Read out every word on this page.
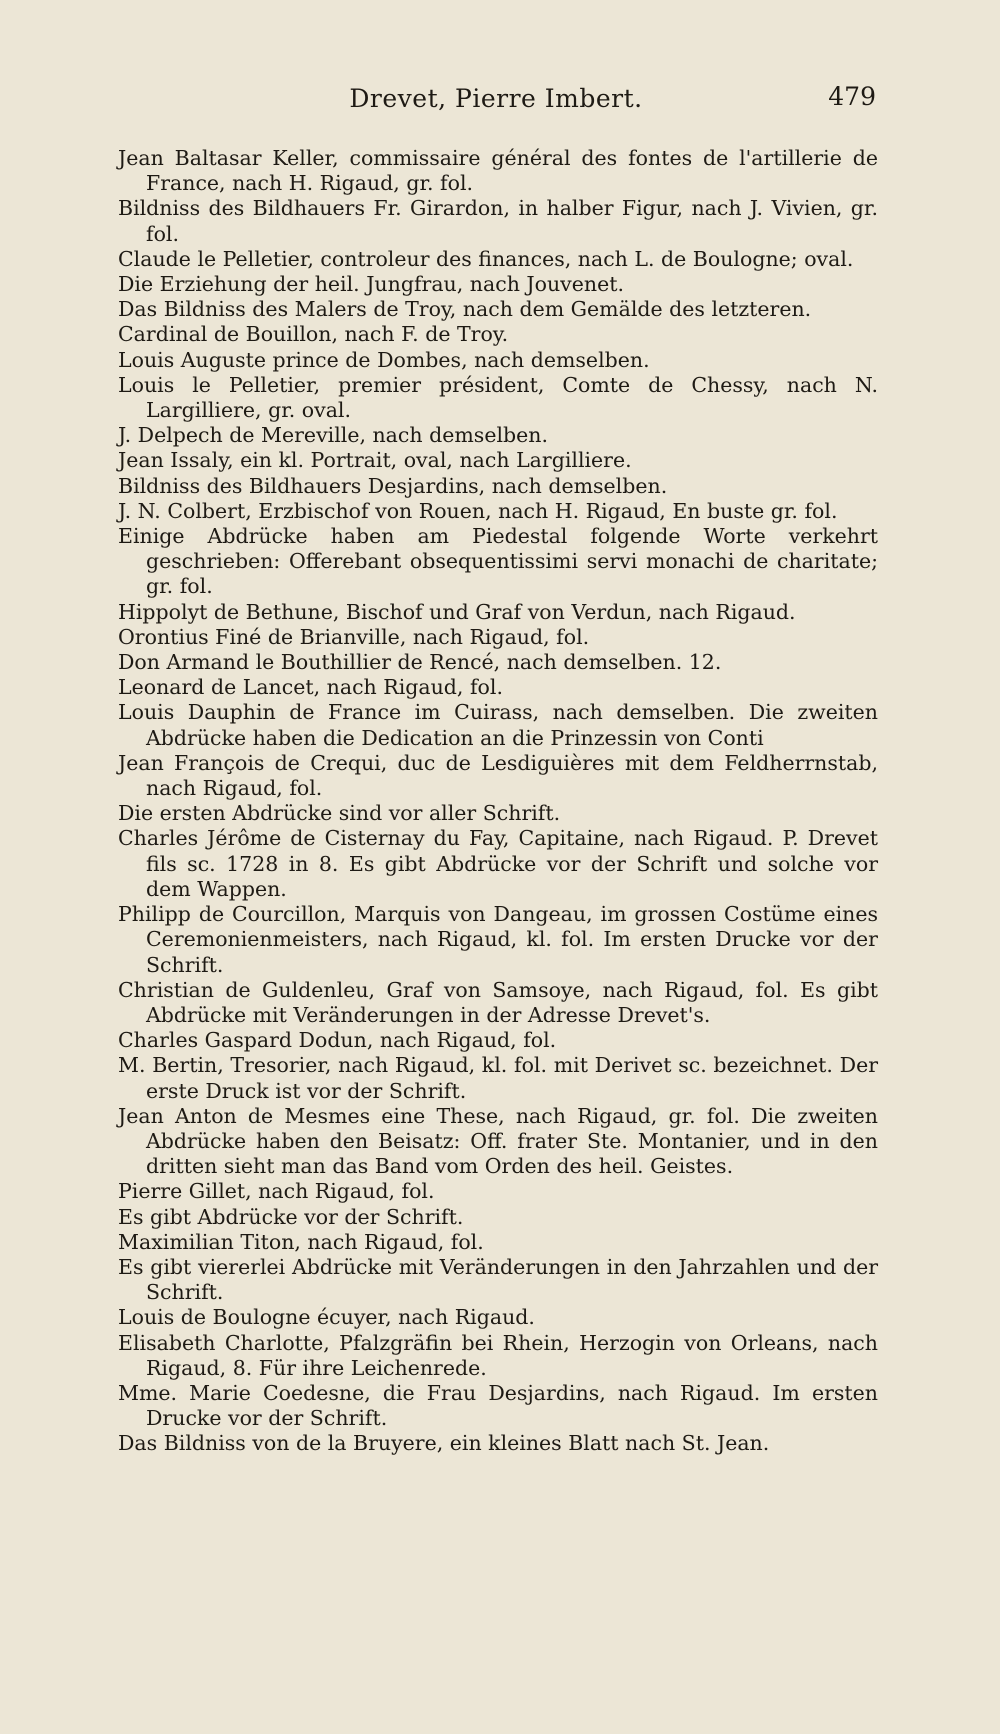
Drevet, Pierre Imbert.	479
Jean Baltasar Keller, commissaire général des fontes de l'artillerie de France, nach H. Rigaud, gr. fol.
Bildniss des Bildhauers Fr. Girardon, in halber Figur, nach J. Vivien, gr. fol.
Claude le Pelletier, controleur des finances, nach L. de Boulogne; oval.
Die Erziehung der heil. Jungfrau, nach Jouvenet.
Das Bildniss des Malers de Troy, nach dem Gemälde des letzteren.
Cardinal de Bouillon, nach F. de Troy.
Louis Auguste prince de Dombes, nach demselben.
Louis le Pelletier, premier président, Comte de Chessy, nach N. Largilliere, gr. oval.
J. Delpech de Mereville, nach demselben.
Jean Issaly, ein kl. Portrait, oval, nach Largilliere.
Bildniss des Bildhauers Desjardins, nach demselben.
J. N. Colbert, Erzbischof von Rouen, nach H. Rigaud, En buste gr. fol.
Einige Abdrücke haben am Piedestal folgende Worte verkehrt geschrieben: Offerebant obsequentissimi servi monachi de charitate; gr. fol.
Hippolyt de Bethune, Bischof und Graf von Verdun, nach Rigaud.
Orontius Finé de Brianville, nach Rigaud, fol.
Don Armand le Bouthillier de Rencé, nach demselben. 12.
Leonard de Lancet, nach Rigaud, fol.
Louis Dauphin de France im Cuirass, nach demselben. Die zweiten Abdrücke haben die Dedication an die Prinzessin von Conti
Jean François de Crequi, duc de Lesdiguières mit dem Feldherrnstab, nach Rigaud, fol.
Die ersten Abdrücke sind vor aller Schrift.
Charles Jérôme de Cisternay du Fay, Capitaine, nach Rigaud. P. Drevet fils sc. 1728 in 8. Es gibt Abdrücke vor der Schrift und solche vor dem Wappen.
Philipp de Courcillon, Marquis von Dangeau, im grossen Costüme eines Ceremonienmeisters, nach Rigaud, kl. fol. Im ersten Drucke vor der Schrift.
Christian de Guldenleu, Graf von Samsoye, nach Rigaud, fol. Es gibt Abdrücke mit Veränderungen in der Adresse Drevet's.
Charles Gaspard Dodun, nach Rigaud, fol.
M. Bertin, Tresorier, nach Rigaud, kl. fol. mit Derivet sc. bezeichnet. Der erste Druck ist vor der Schrift.
Jean Anton de Mesmes eine These, nach Rigaud, gr. fol. Die zweiten Abdrücke haben den Beisatz: Off. frater Ste. Montanier, und in den dritten sieht man das Band vom Orden des heil. Geistes.
Pierre Gillet, nach Rigaud, fol.
Es gibt Abdrücke vor der Schrift.
Maximilian Titon, nach Rigaud, fol.
Es gibt viererlei Abdrücke mit Veränderungen in den Jahrzahlen und der Schrift.
Louis de Boulogne écuyer, nach Rigaud.
Elisabeth Charlotte, Pfalzgräfin bei Rhein, Herzogin von Orleans, nach Rigaud, 8. Für ihre Leichenrede.
Mme. Marie Coedesne, die Frau Desjardins, nach Rigaud. Im ersten Drucke vor der Schrift.
Das Bildniss von de la Bruyere, ein kleines Blatt nach St. Jean.
